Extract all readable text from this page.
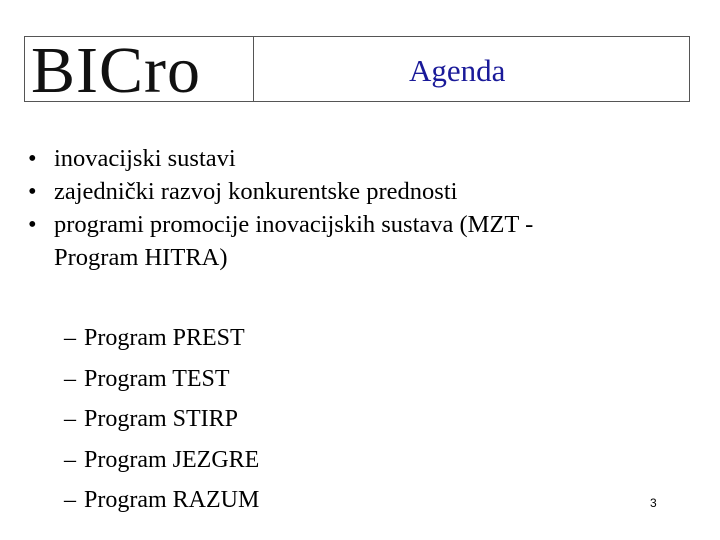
BICro	Agenda
• inovacijski sustavi
• zajednički razvoj konkurentske prednosti
• programi promocije inovacijskih sustava (MZT -
Program HITRA)
– Program PREST
– Program TEST
– Program STIRP
– Program JEZGRE
– Program RAZUM	3
